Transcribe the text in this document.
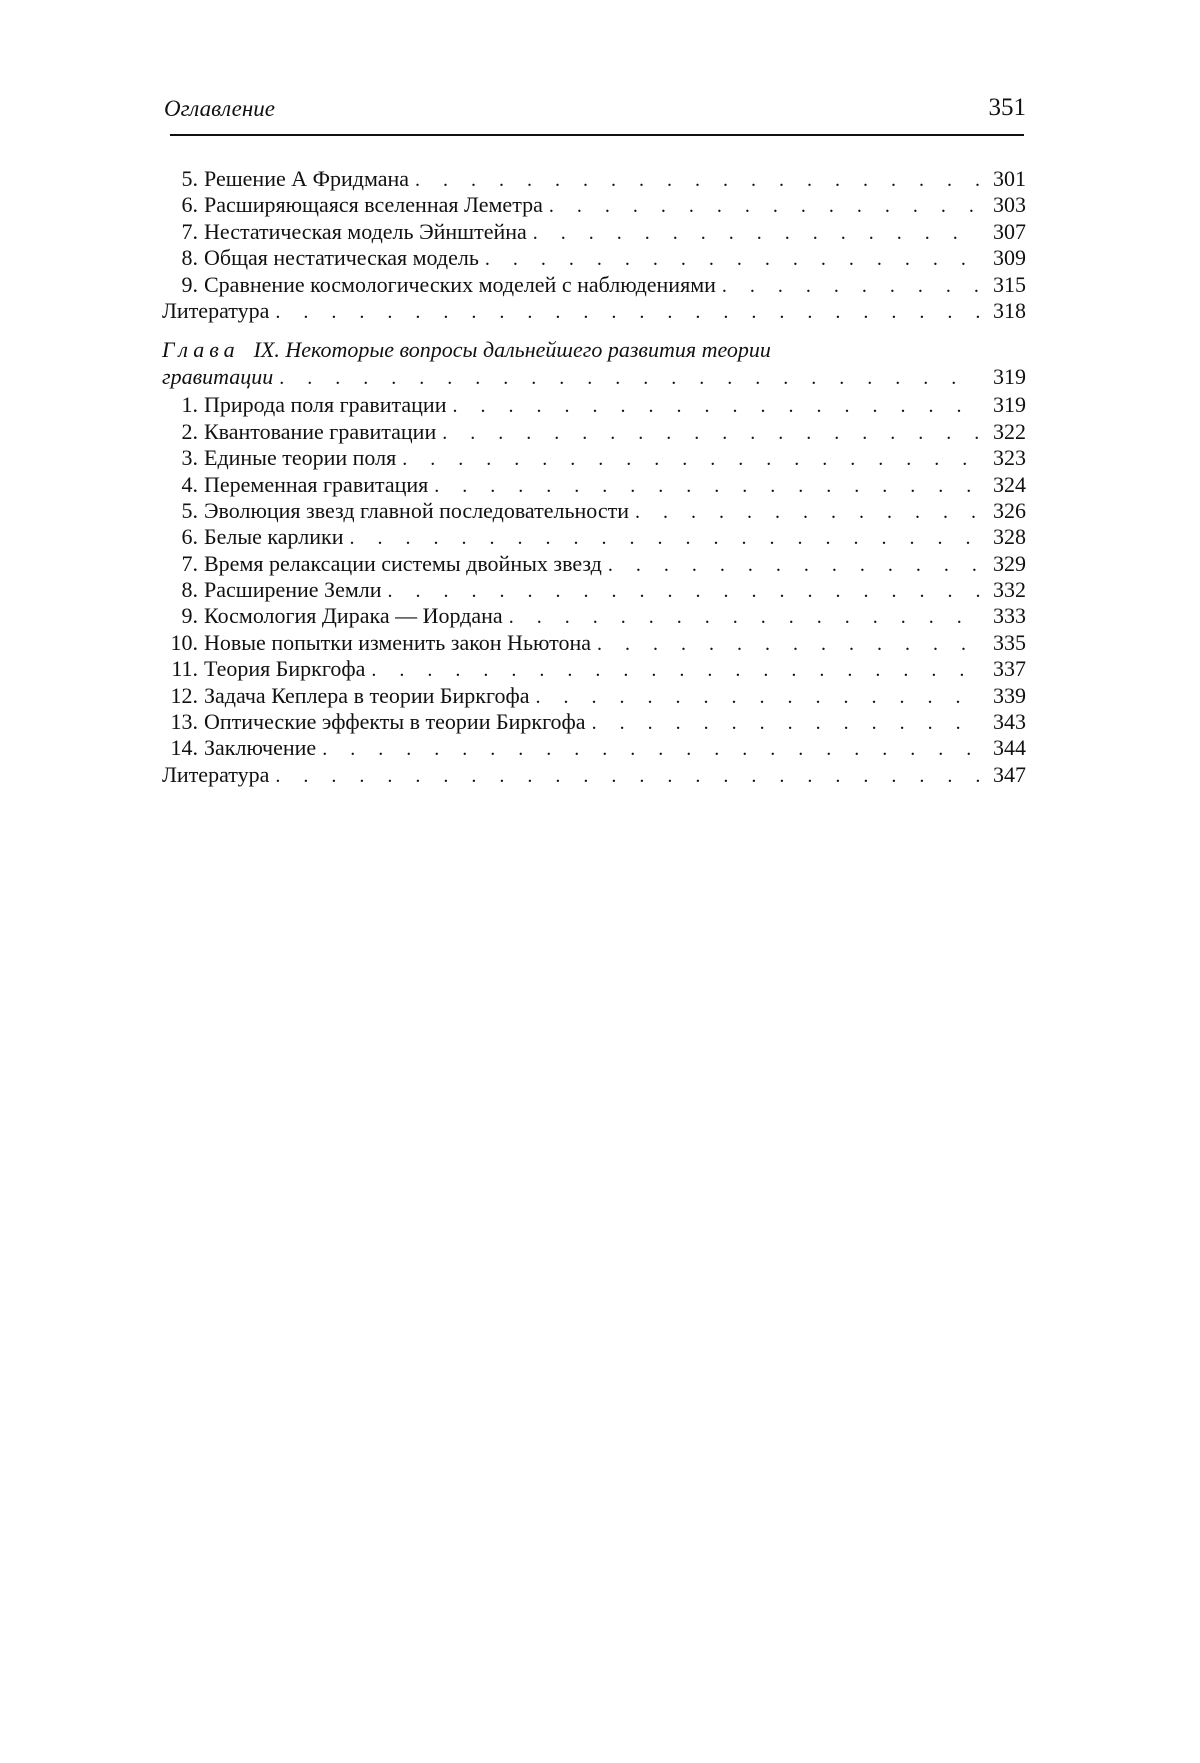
Оглавление	351
5. Решение А Фридмана . . .	301
6. Расширяющаяся вселенная Леметра . . .	303
7. Нестатическая модель Эйнштейна . . .	307
8. Общая нестатическая модель . . .	309
9. Сравнение космологических моделей с наблюдениями . . .	315
Литература . . .	318
Глава IX. Некоторые вопросы дальнейшего развития теории
гравитации . . .	319
1. Природа поля гравитации . . .	319
2. Квантование гравитации . . .	322
3. Единые теории поля . . .	323
4. Переменная гравитация . . .	324
5. Эволюция звезд главной последовательности . . .	326
6. Белые карлики . . .	328
7. Время релаксации системы двойных звезд . . .	329
8. Расширение Земли . . .	332
9. Космология Дирака — Иордана . . .	333
10. Новые попытки изменить закон Ньютона . . .	335
11. Теория Биркгофа . . .	337
12. Задача Кеплера в теории Биркгофа . . .	339
13. Оптические эффекты в теории Биркгофа . . .	343
14. Заключение . . .	344
Литература . . .	347
